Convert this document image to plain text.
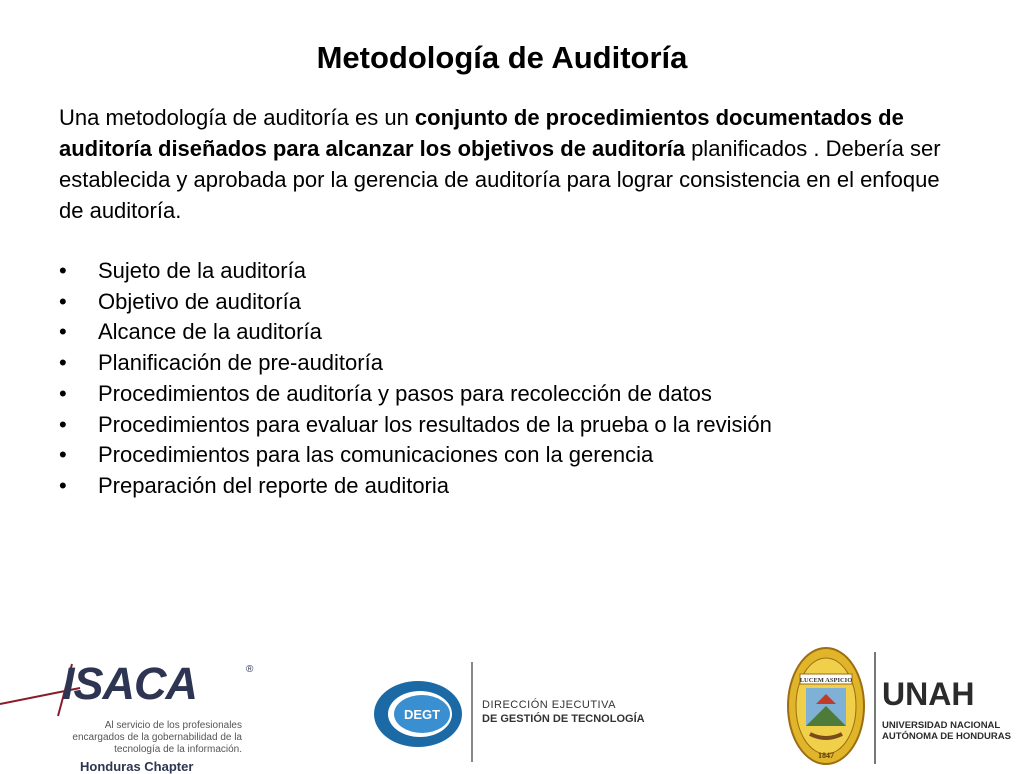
Metodología de Auditoría
Una metodología de auditoría es un conjunto de procedimientos documentados de auditoría diseñados para alcanzar los objetivos de auditoría planificados . Debería ser establecida y aprobada por la gerencia de auditoría para lograr consistencia en el enfoque de auditoría.
•	Sujeto de la auditoría
•	Objetivo de auditoría
•	Alcance de la auditoría
•	Planificación de pre-auditoría
•	Procedimientos de auditoría y pasos para recolección de datos
•	Procedimientos para evaluar los resultados de la prueba o la revisión
•	Procedimientos para las comunicaciones con la gerencia
•	Preparación del reporte de auditoria
ISACA	®
Al servicio de los profesionales
encargados de la gobernabilidad de la
tecnología de la información.
Honduras Chapter
DEGT
DIRECCIÓN EJECUTIVA
DE GESTIÓN DE TECNOLOGÍA
LUCEM ASPICIO
1847
UNAH
UNIVERSIDAD NACIONAL
AUTÓNOMA DE HONDURAS
